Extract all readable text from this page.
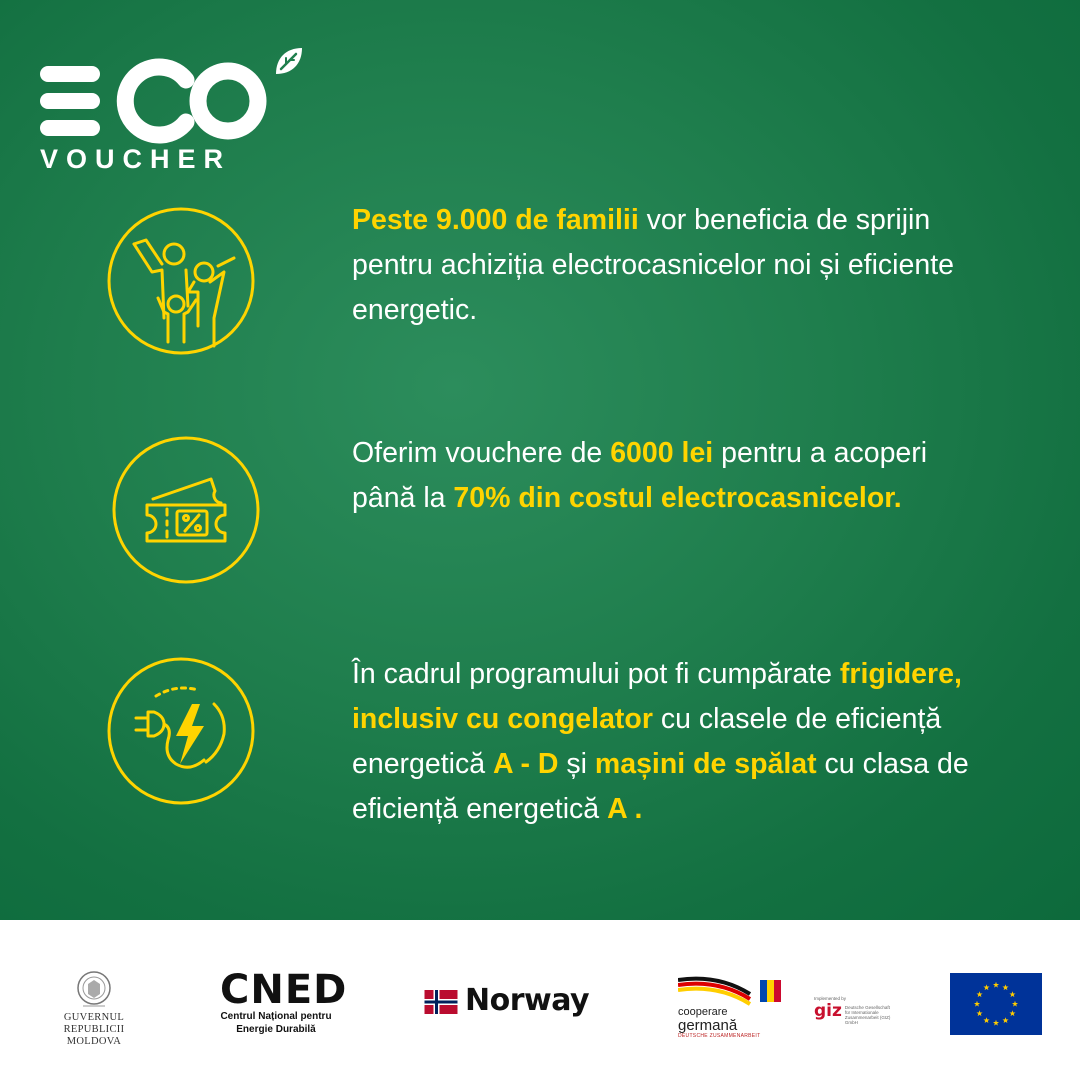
VOUCHER
Peste 9.000 de familii vor beneficia de sprijin pentru achiziția electrocasnicelor noi și eficiente energetic.
Oferim vouchere de 6000 lei pentru a acoperi până la 70% din costul electrocasnicelor.
În cadrul programului pot fi cumpărate frigidere, inclusiv cu congelator cu clasele de eficiență energetică A - D și mașini de spălat cu clasa de eficiență energetică A .
GUVERNUL
REPUBLICII MOLDOVA
CNED
Centrul Național pentru
Energie Durabilă
Norway	cooperare
germană
DEUTSCHE ZUSAMMENARBEIT
Implemented by
giz Deutsche Gesellschaft
für Internationale
Zusammenarbeit (GIZ) GmbH
